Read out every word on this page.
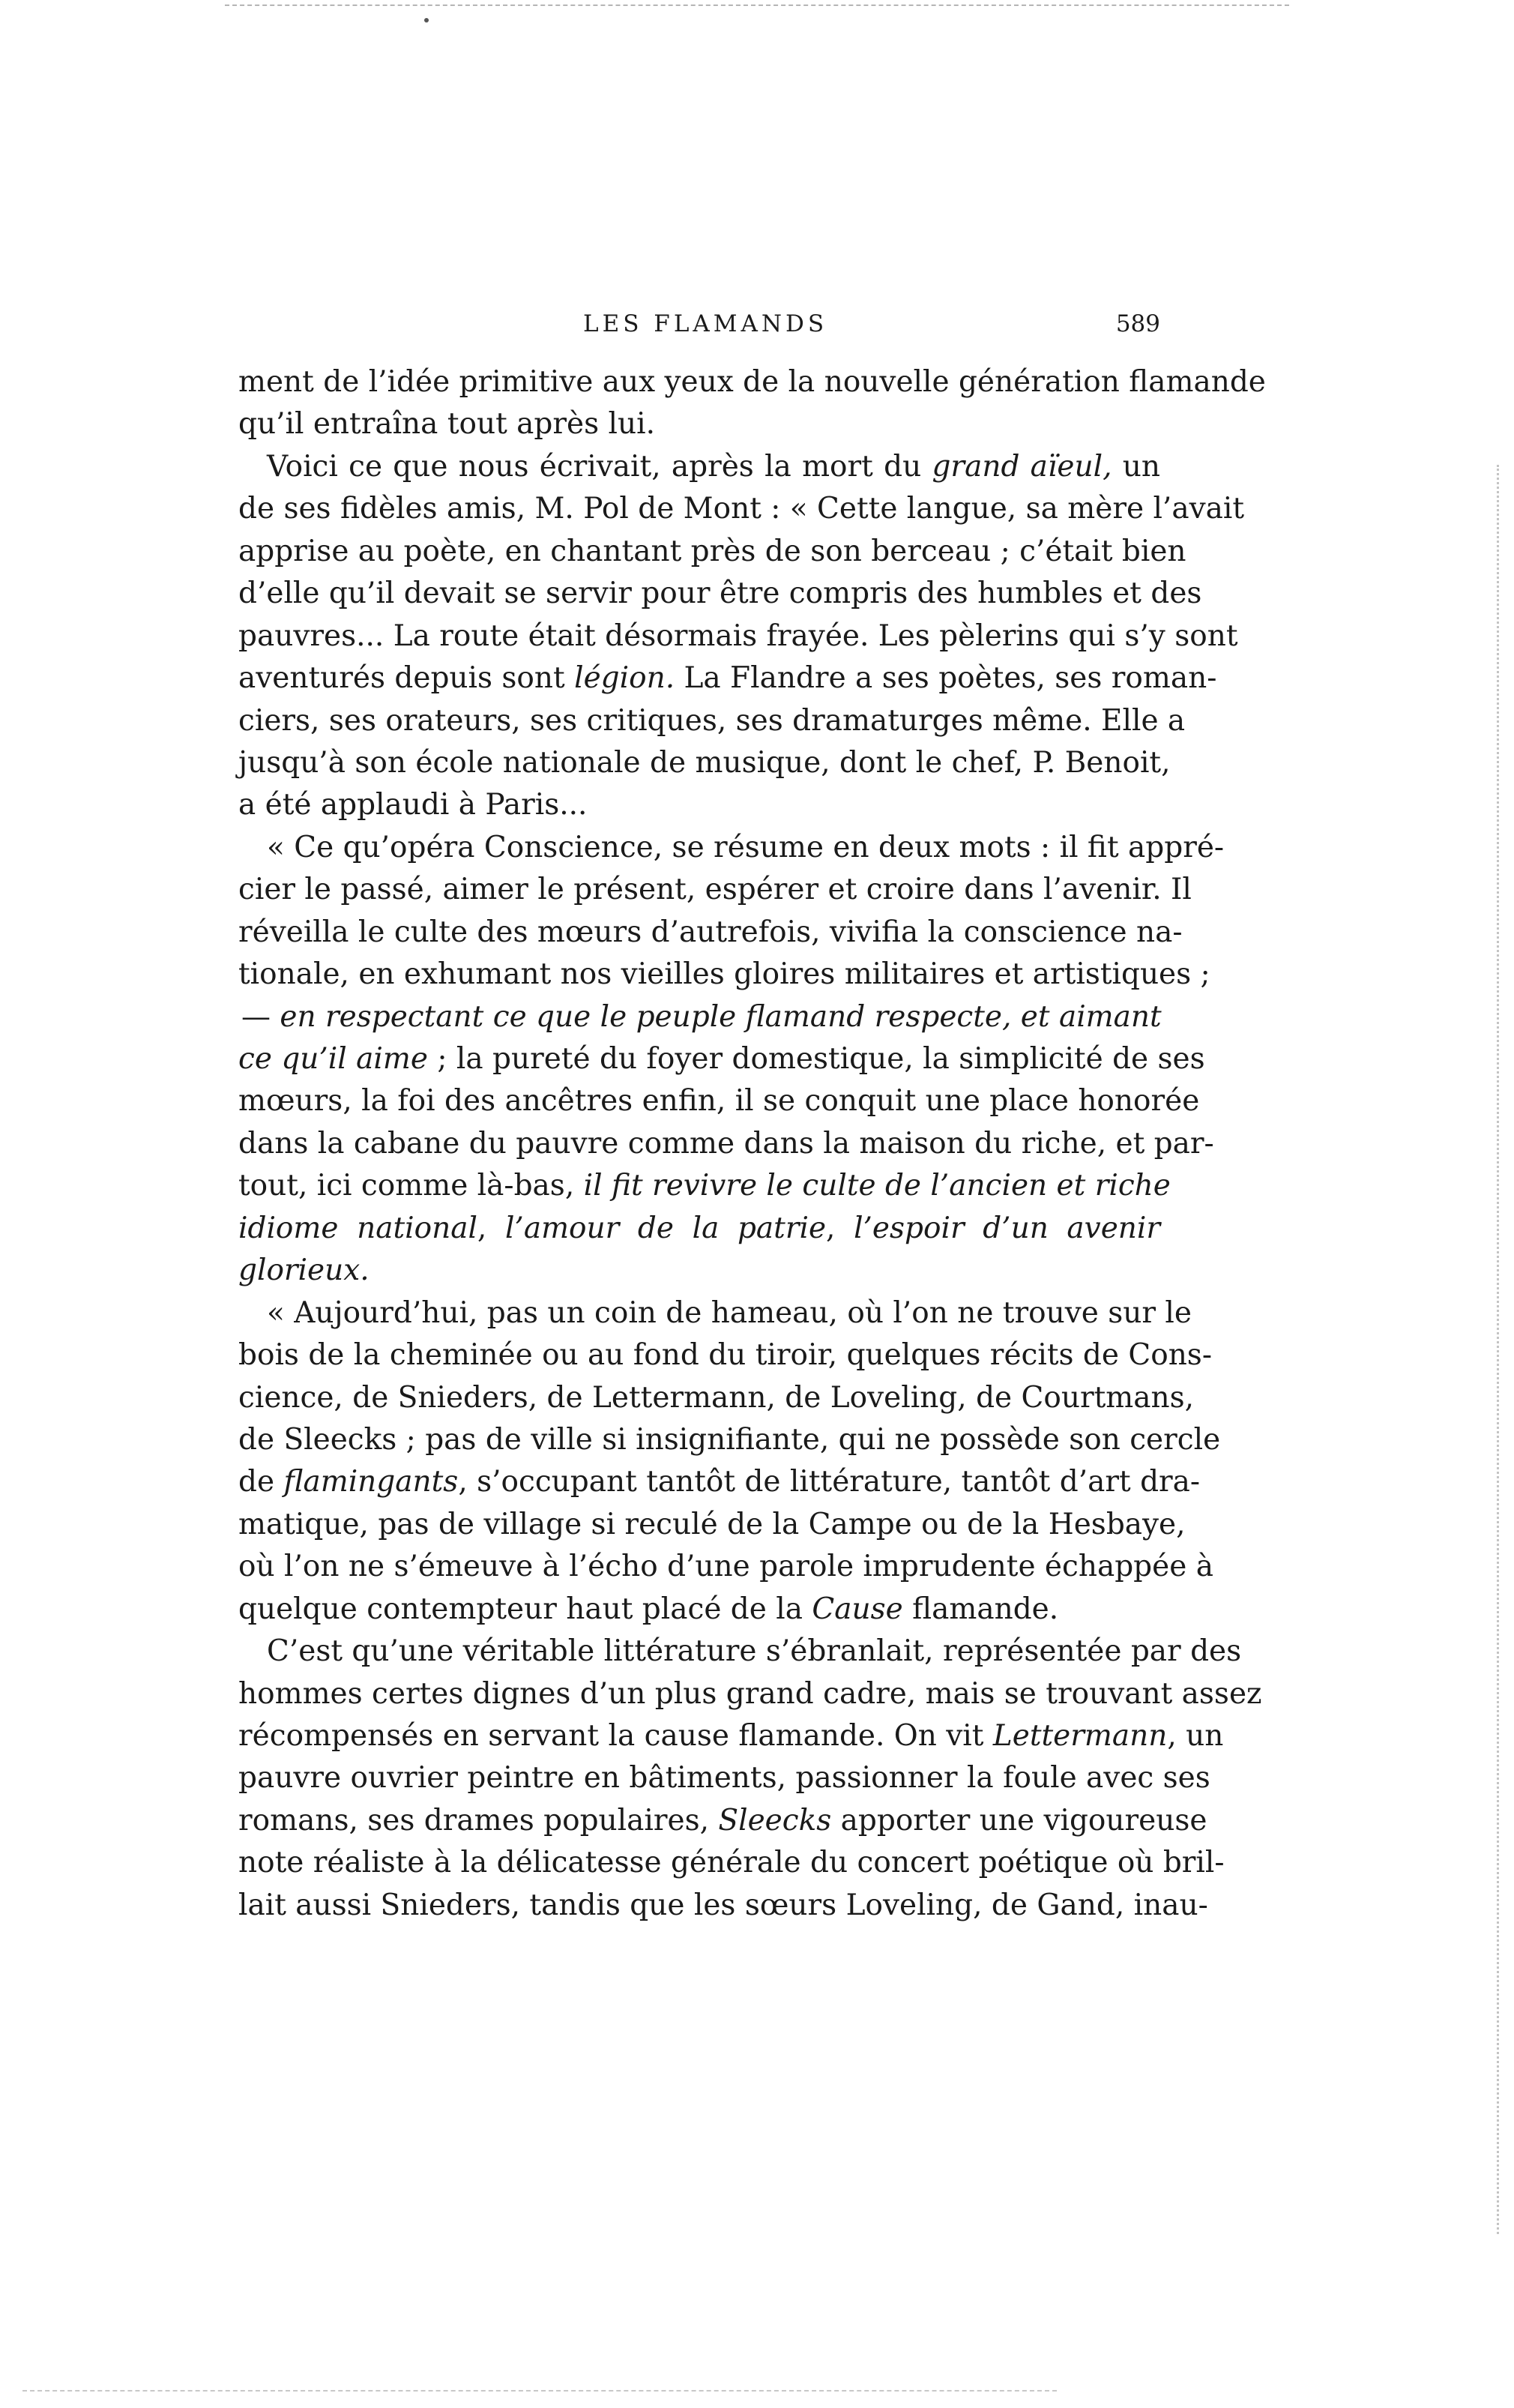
LES FLAMANDS	589
ment de l’idée primitive aux yeux de la nouvelle génération flamande
qu’il entraîna tout après lui.
Voici ce que nous écrivait, après la mort du grand aïeul, un
de ses fidèles amis, M. Pol de Mont : « Cette langue, sa mère l’avait
apprise au poète, en chantant près de son berceau ; c’était bien
d’elle qu’il devait se servir pour être compris des humbles et des
pauvres... La route était désormais frayée. Les pèlerins qui s’y sont
aventurés depuis sont légion. La Flandre a ses poètes, ses roman-
ciers, ses orateurs, ses critiques, ses dramaturges même. Elle a
jusqu’à son école nationale de musique, dont le chef, P. Benoit,
a été applaudi à Paris...
« Ce qu’opéra Conscience, se résume en deux mots : il fit appré-
cier le passé, aimer le présent, espérer et croire dans l’avenir. Il
réveilla le culte des mœurs d’autrefois, vivifia la conscience na-
tionale, en exhumant nos vieilles gloires militaires et artistiques ;
— en respectant ce que le peuple flamand respecte, et aimant
ce qu’il aime ; la pureté du foyer domestique, la simplicité de ses
mœurs, la foi des ancêtres enfin, il se conquit une place honorée
dans la cabane du pauvre comme dans la maison du riche, et par-
tout, ici comme là-bas, il fit revivre le culte de l’ancien et riche
idiome national, l’amour de la patrie, l’espoir d’un avenir
glorieux.
« Aujourd’hui, pas un coin de hameau, où l’on ne trouve sur le
bois de la cheminée ou au fond du tiroir, quelques récits de Cons-
cience, de Snieders, de Lettermann, de Loveling, de Courtmans,
de Sleecks ; pas de ville si insignifiante, qui ne possède son cercle
de flamingants, s’occupant tantôt de littérature, tantôt d’art dra-
matique, pas de village si reculé de la Campe ou de la Hesbaye,
où l’on ne s’émeuve à l’écho d’une parole imprudente échappée à
quelque contempteur haut placé de la Cause flamande.
C’est qu’une véritable littérature s’ébranlait, représentée par des
hommes certes dignes d’un plus grand cadre, mais se trouvant assez
récompensés en servant la cause flamande. On vit Lettermann, un
pauvre ouvrier peintre en bâtiments, passionner la foule avec ses
romans, ses drames populaires, Sleecks apporter une vigoureuse
note réaliste à la délicatesse générale du concert poétique où bril-
lait aussi Snieders, tandis que les sœurs Loveling, de Gand, inau-
